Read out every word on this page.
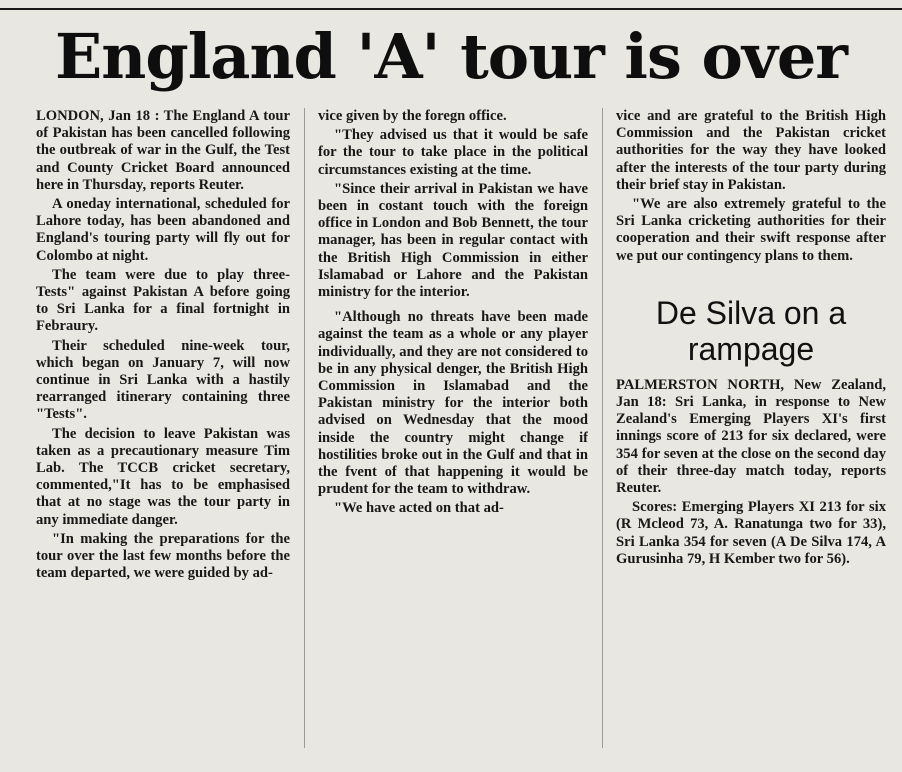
England 'A' tour is over

LONDON, Jan 18 : The England A tour of Pakistan has been cancelled following the outbreak of war in the Gulf, the Test and County Cricket Board announced here in Thursday, reports Reuter.

A oneday international, scheduled for Lahore today, has been abandoned and England's touring party will fly out for Colombo at night.

The team were due to play three-Tests" against Pakistan A before going to Sri Lanka for a final fortnight in Febraury.

Their scheduled nine-week tour, which began on January 7, will now continue in Sri Lanka with a hastily rearranged itinerary containing three "Tests".

The decision to leave Pakistan was taken as a precautionary measure Tim Lab. The TCCB cricket secretary, commented,"It has to be emphasised that at no stage was the tour party in any immediate danger.

"In making the preparations for the tour over the last few months before the team departed, we were guided by ad-

vice given by the foregn office.

"They advised us that it would be safe for the tour to take place in the political circumstances existing at the time.

"Since their arrival in Pakistan we have been in costant touch with the foreign office in London and Bob Bennett, the tour manager, has been in regular contact with the British High Commission in either Islamabad or Lahore and the Pakistan ministry for the interior.

"Although no threats have been made against the team as a whole or any player individually, and they are not considered to be in any physical denger, the British High Commission in Islamabad and the Pakistan ministry for the interior both advised on Wednesday that the mood inside the country might change if hostilities broke out in the Gulf and that in the fvent of that happening it would be prudent for the team to withdraw.

"We have acted on that ad-

vice and are grateful to the British High Commission and the Pakistan cricket authorities for the way they have looked after the interests of the tour party during their brief stay in Pakistan.

"We are also extremely grateful to the Sri Lanka cricketing authorities for their cooperation and their swift response after we put our contingency plans to them.

De Silva on a rampage

PALMERSTON NORTH, New Zealand, Jan 18: Sri Lanka, in response to New Zealand's Emerging Players XI's first innings score of 213 for six declared, were 354 for seven at the close on the second day of their three-day match today, reports Reuter.

Scores: Emerging Players XI 213 for six (R Mcleod 73, A. Ranatunga two for 33), Sri Lanka 354 for seven (A De Silva 174, A Gurusinha 79, H Kember two for 56).
